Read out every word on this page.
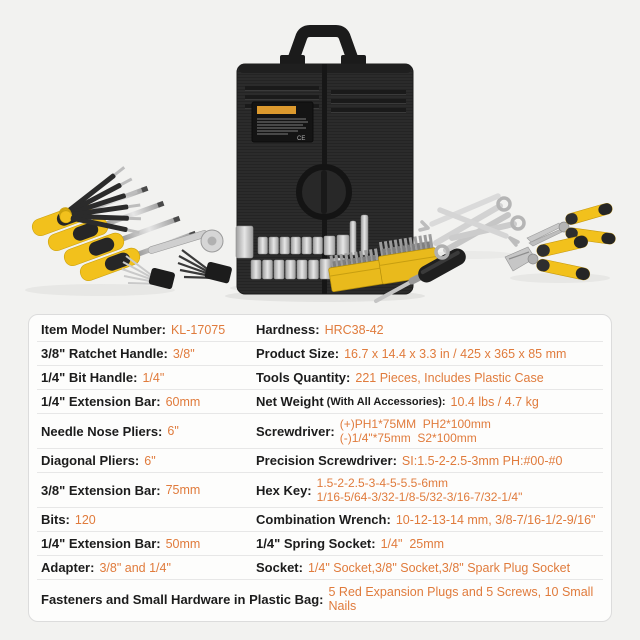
CE
Item Model Number: KL-17075 Hardness: HRC38-42
3/8" Ratchet Handle: 3/8"	Product Size: 16.7 x 14.4 x 3.3 in / 425 x 365 x 85 mm
1/4" Bit Handle: 1/4"	Tools Quantity: 221 Pieces, Includes Plastic Case
1/4" Extension Bar: 60mm	Net Weight (With All Accessories): 10.4 lbs / 4.7 kg
Needle Nose Pliers: 6"	Screwdriver: (+)PH1*75MM  PH2*100mm
(-)1/4"*75mm  S2*100mm
Diagonal Pliers: 6"	Precision Screwdriver: SI:1.5-2-2.5-3mm PH:#00-#0
3/8" Extension Bar: 75mm	Hex Key: 1.5-2-2.5-3-4-5-5.5-6mm
1/16-5/64-3/32-1/8-5/32-3/16-7/32-1/4"
Bits: 120	Combination Wrench: 10-12-13-14 mm, 3/8-7/16-1/2-9/16"
1/4" Extension Bar: 50mm	1/4" Spring Socket: 1/4"  25mm
Adapter: 3/8" and 1/4"	Socket: 1/4" Socket,3/8" Socket,3/8" Spark Plug Socket
Fasteners and Small Hardware in Plastic Bag: 5 Red Expansion Plugs and 5 Screws, 10 Small Nails
